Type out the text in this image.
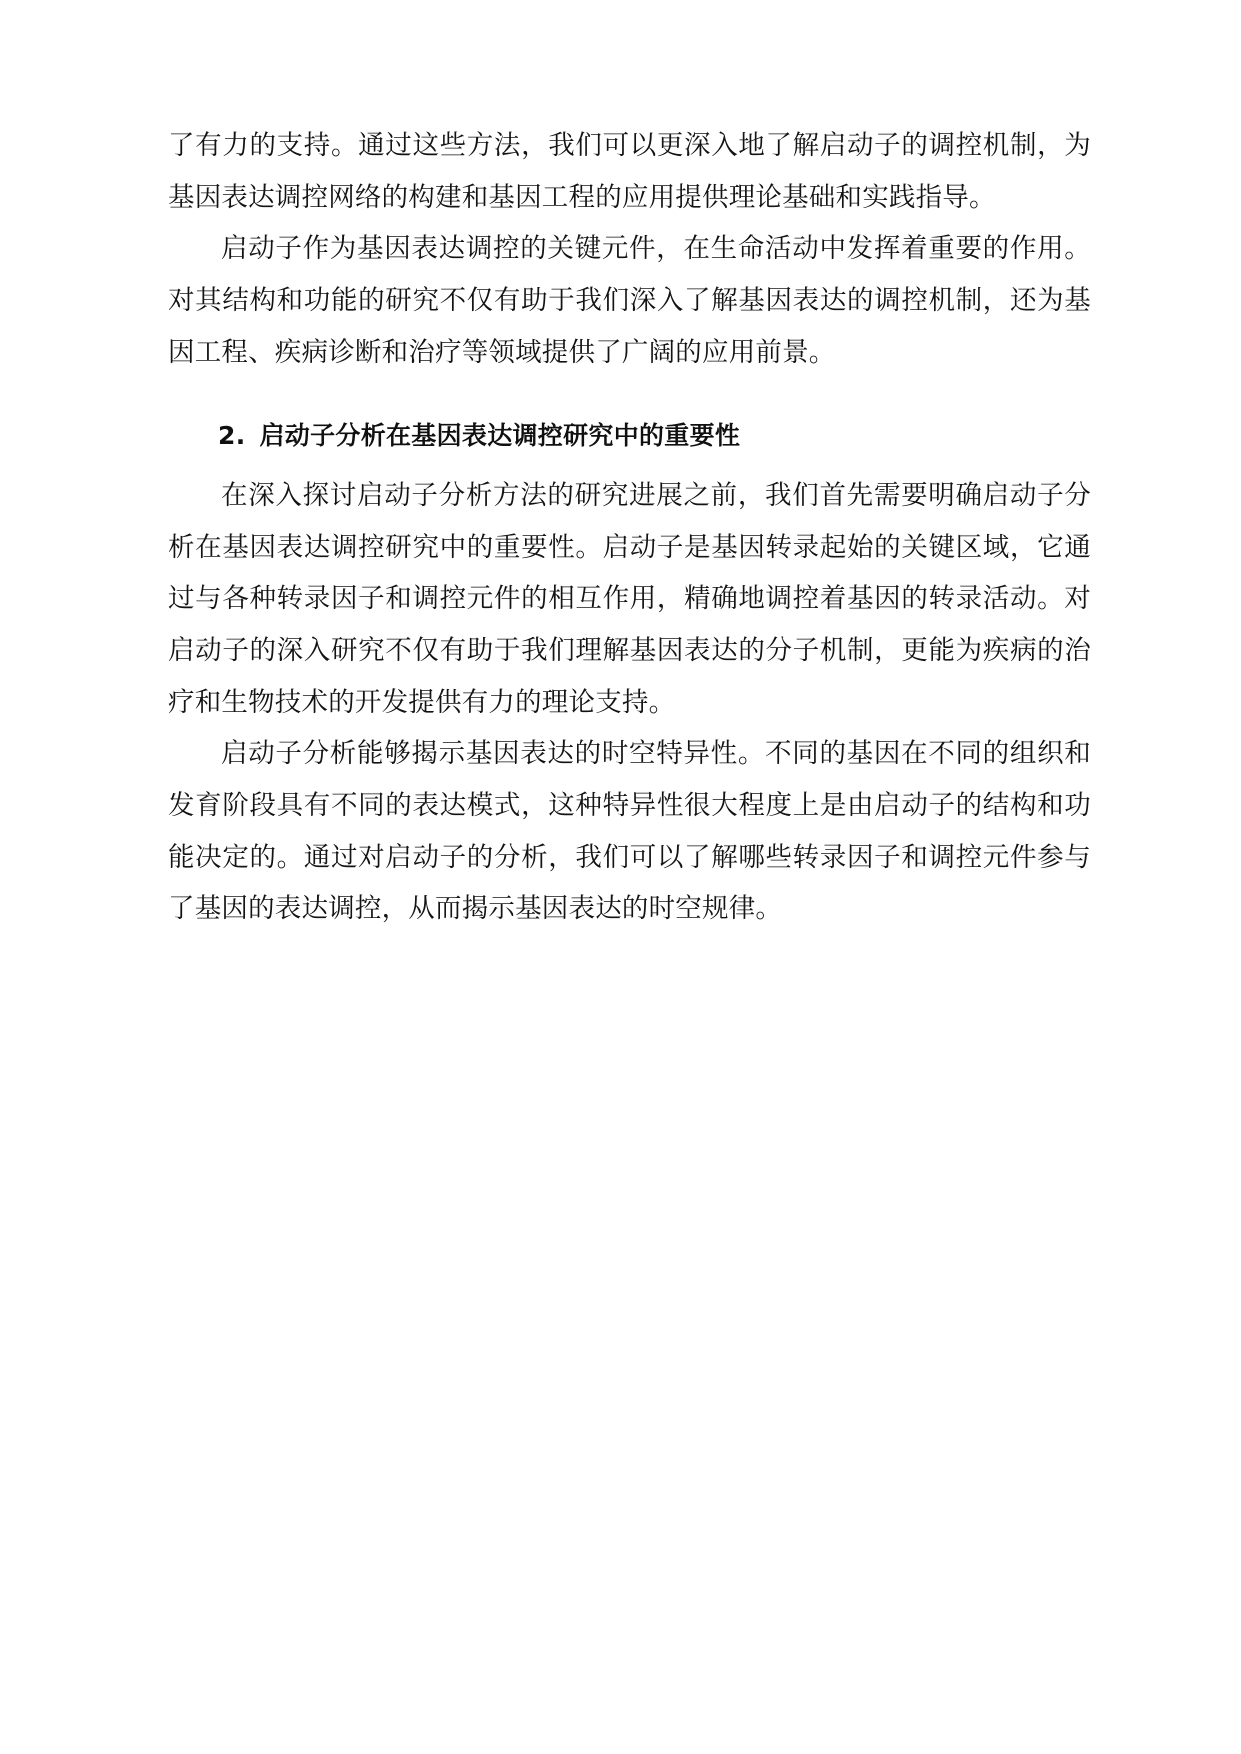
了有力的支持。通过这些方法，我们可以更深入地了解启动子的调控机制，为基因表达调控网络的构建和基因工程的应用提供理论基础和实践指导。

启动子作为基因表达调控的关键元件，在生命活动中发挥着重要的作用。对其结构和功能的研究不仅有助于我们深入了解基因表达的调控机制，还为基因工程、疾病诊断和治疗等领域提供了广阔的应用前景。

2. 启动子分析在基因表达调控研究中的重要性

在深入探讨启动子分析方法的研究进展之前，我们首先需要明确启动子分析在基因表达调控研究中的重要性。启动子是基因转录起始的关键区域，它通过与各种转录因子和调控元件的相互作用，精确地调控着基因的转录活动。对启动子的深入研究不仅有助于我们理解基因表达的分子机制，更能为疾病的治疗和生物技术的开发提供有力的理论支持。

启动子分析能够揭示基因表达的时空特异性。不同的基因在不同的组织和发育阶段具有不同的表达模式，这种特异性很大程度上是由启动子的结构和功能决定的。通过对启动子的分析，我们可以了解哪些转录因子和调控元件参与了基因的表达调控，从而揭示基因表达的时空规律。
